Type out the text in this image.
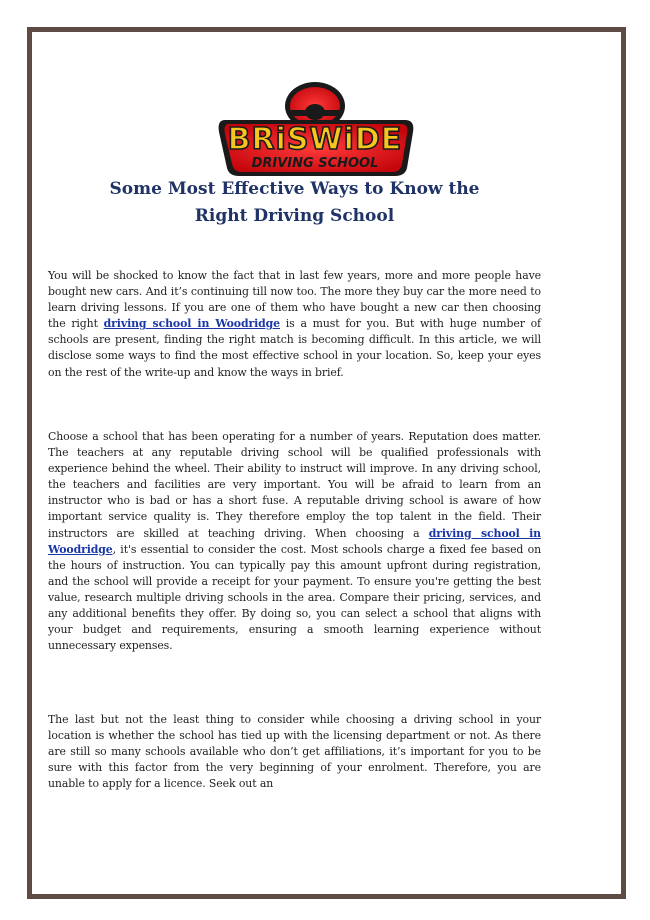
BRiSWiDE
DRIVING SCHOOL
Some Most Effective Ways to Know the
Right Driving School

You will be shocked to know the fact that in last few years, more and more people have bought new cars. And it’s continuing till now too. The more they buy car the more need to learn driving lessons. If you are one of them who have bought a new car then choosing the right driving school in Woodridge is a must for you. But with huge number of schools are present, finding the right match is becoming difficult. In this article, we will disclose some ways to find the most effective school in your location. So, keep your eyes on the rest of the write-up and know the ways in brief.

Choose a school that has been operating for a number of years. Reputation does matter. The teachers at any reputable driving school will be qualified professionals with experience behind the wheel. Their ability to instruct will improve. In any driving school, the teachers and facilities are very important. You will be afraid to learn from an instructor who is bad or has a short fuse. A reputable driving school is aware of how important service quality is. They therefore employ the top talent in the field. Their instructors are skilled at teaching driving. When choosing a driving school in Woodridge, it's essential to consider the cost. Most schools charge a fixed fee based on the hours of instruction. You can typically pay this amount upfront during registration, and the school will provide a receipt for your payment. To ensure you're getting the best value, research multiple driving schools in the area. Compare their pricing, services, and any additional benefits they offer. By doing so, you can select a school that aligns with your budget and requirements, ensuring a smooth learning experience without unnecessary expenses.

The last but not the least thing to consider while choosing a driving school in your location is whether the school has tied up with the licensing department or not. As there are still so many schools available who don’t get affiliations, it’s important for you to be sure with this factor from the very beginning of your enrolment. Therefore, you are unable to apply for a licence. Seek out an
